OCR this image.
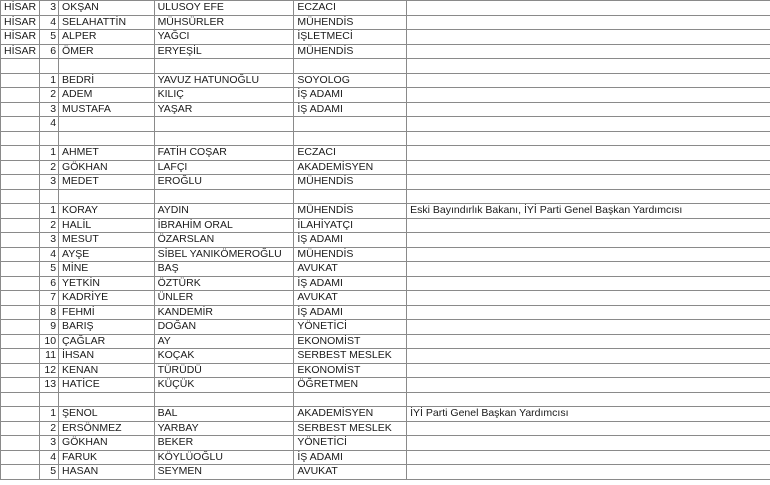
HİSAR	3	OKŞAN	ULUSOY EFE	ECZACI	
HİSAR	4	SELAHATTİN	MÜHSÜRLER	MÜHENDİS	
HİSAR	5	ALPER	YAĞCI	İŞLETMECİ	
HİSAR	6	ÖMER	ERYEŞİL	MÜHENDİS	

	1	BEDRİ	YAVUZ HATUNOĞLU	SOYOLOG	
	2	ADEM	KILIÇ	İŞ ADAMI	
	3	MUSTAFA	YAŞAR	İŞ ADAMI	
	4				

	1	AHMET	FATİH COŞAR	ECZACI	
	2	GÖKHAN	LAFÇI	AKADEMİSYEN	
	3	MEDET	EROĞLU	MÜHENDİS	

	1	KORAY	AYDIN	MÜHENDİS	Eski Bayındırlık Bakanı, İYİ Parti Genel Başkan Yardımcısı
	2	HALİL	İBRAHİM ORAL	İLAHİYATÇI	
	3	MESUT	ÖZARSLAN	İŞ ADAMI	
	4	AYŞE	SİBEL YANIKÖMEROĞLU	MÜHENDİS	
	5	MİNE	BAŞ	AVUKAT	
	6	YETKİN	ÖZTÜRK	İŞ ADAMI	
	7	KADRİYE	ÜNLER	AVUKAT	
	8	FEHMİ	KANDEMİR	İŞ ADAMI	
	9	BARIŞ	DOĞAN	YÖNETİCİ	
	10	ÇAĞLAR	AY	EKONOMİST	
	11	İHSAN	KOÇAK	SERBEST MESLEK	
	12	KENAN	TÜRÜDÜ	EKONOMİST	
	13	HATİCE	KÜÇÜK	ÖĞRETMEN	

	1	ŞENOL	BAL	AKADEMİSYEN	İYİ Parti Genel Başkan Yardımcısı
	2	ERSÖNMEZ	YARBAY	SERBEST MESLEK	
	3	GÖKHAN	BEKER	YÖNETİCİ	
	4	FARUK	KÖYLÜOĞLU	İŞ ADAMI	
	5	HASAN	SEYMEN	AVUKAT	
